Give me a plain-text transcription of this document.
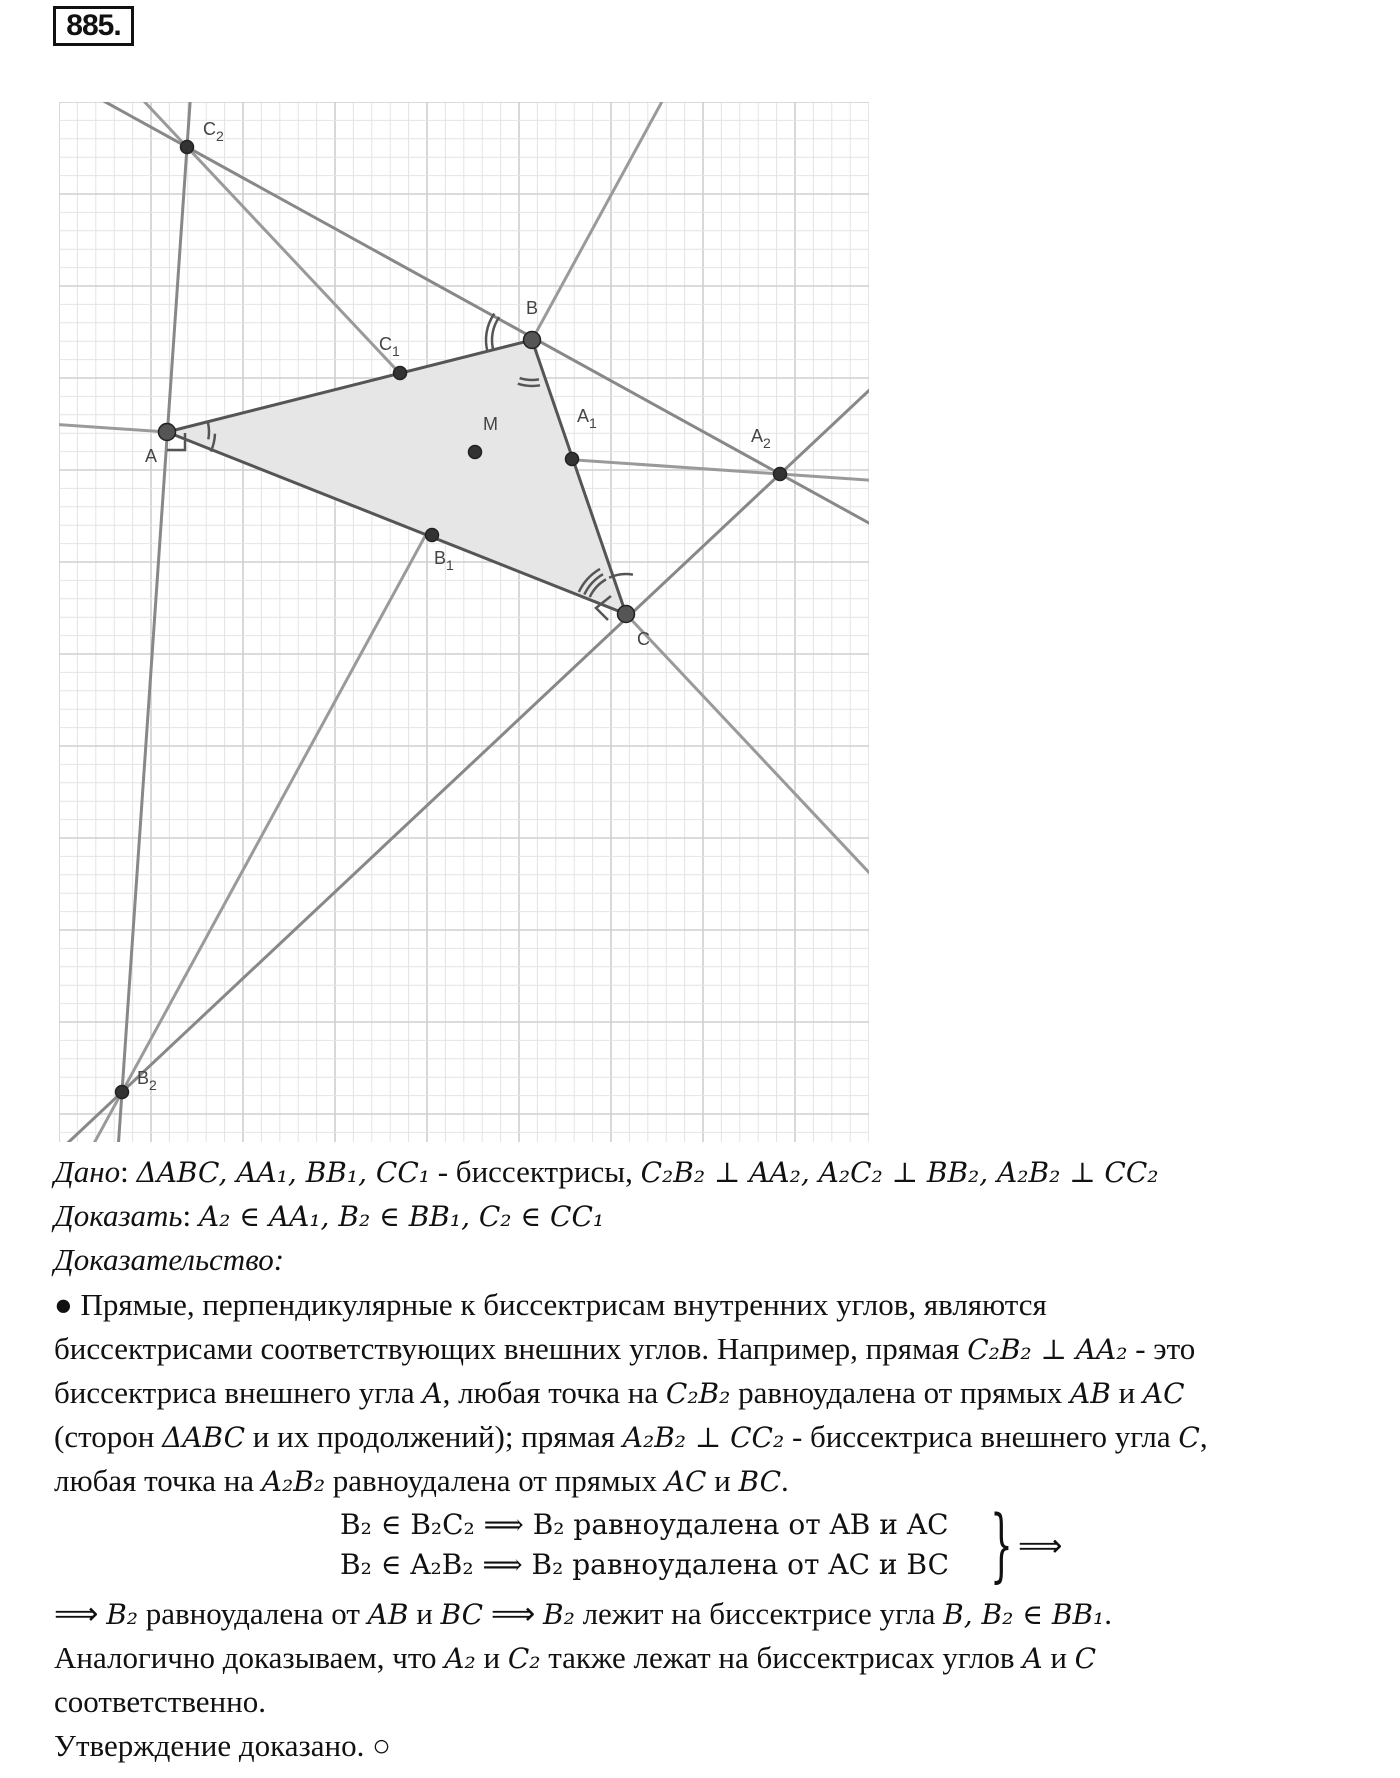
885.
A
B
C
M	$A_1$
$B_1$
$C_1$
$A_2$
$B_2$
$C_2$
Дано: ΔABC, AA₁, BB₁, CC₁ - биссектрисы, C₂B₂ ⊥ AA₂, A₂C₂ ⊥ BB₂, A₂B₂ ⊥ CC₂
Доказать: A₂ ∈ AA₁, B₂ ∈ BB₁, C₂ ∈ CC₁
Доказательство:
● Прямые, перпендикулярные к биссектрисам внутренних углов, являются
биссектрисами соответствующих внешних углов. Например, прямая C₂B₂ ⊥ AA₂ - это
биссектриса внешнего угла A, любая точка на C₂B₂ равноудалена от прямых AB и AC
(сторон ΔABC и их продолжений); прямая A₂B₂ ⊥ CC₂ - биссектриса внешнего угла C,
любая точка на A₂B₂ равноудалена от прямых AC и BC.
B₂ ∈ B₂C₂ ⟹ B₂ равноудалена от AB и AC
B₂ ∈ A₂B₂ ⟹ B₂ равноудалена от AC и BC } ⟹
⟹ B₂ равноудалена от AB и BC ⟹ B₂ лежит на биссектрисе угла B, B₂ ∈ BB₁.
Аналогично доказываем, что A₂ и C₂ также лежат на биссектрисах углов A и C
соответственно.
Утверждение доказано. ○
